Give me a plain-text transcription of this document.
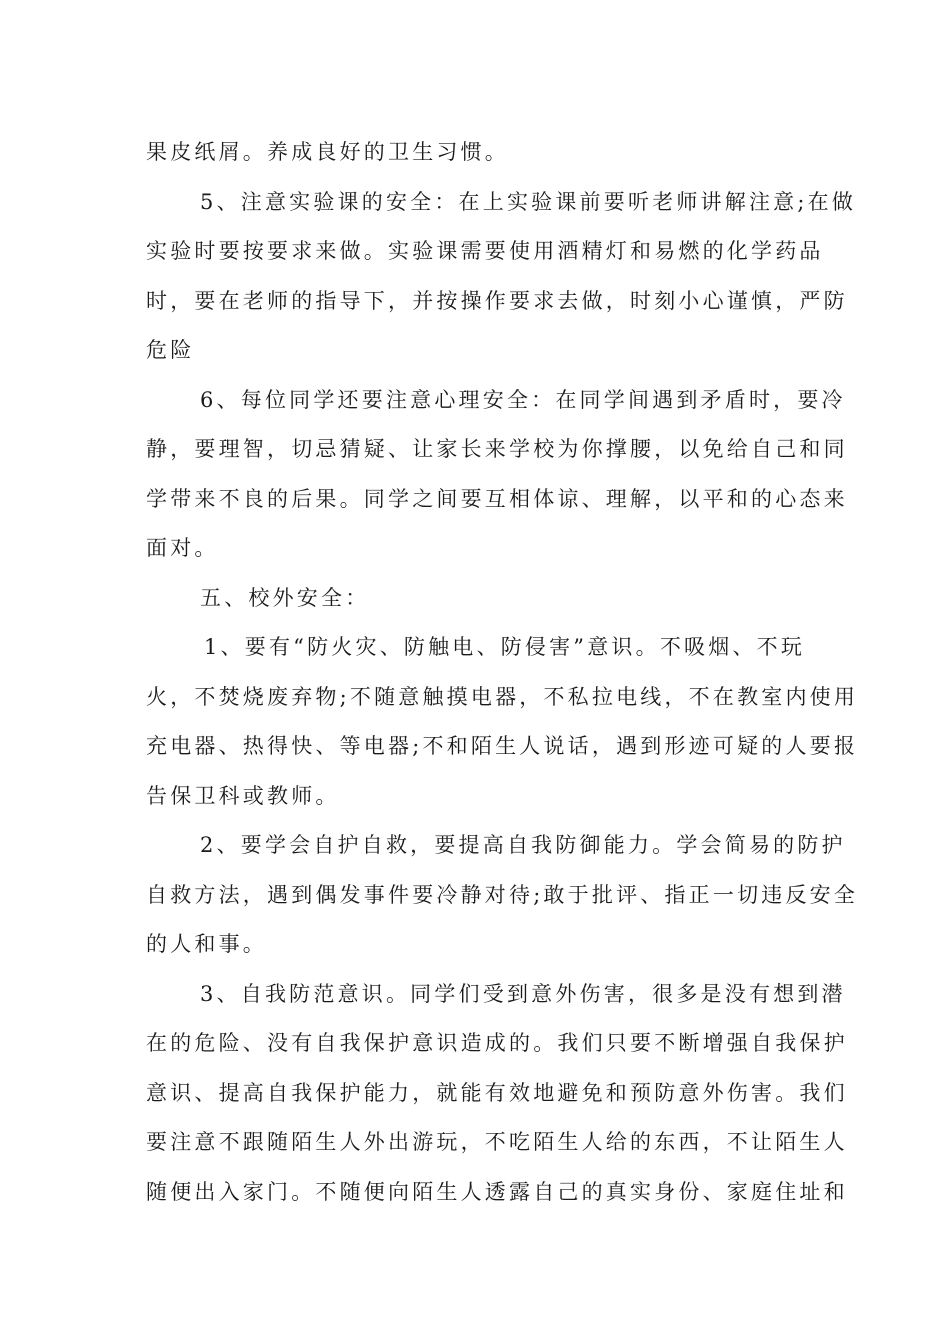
果皮纸屑。养成良好的卫生习惯。
5、注意实验课的安全：在上实验课前要听老师讲解注意;在做
实验时要按要求来做。实验课需要使用酒精灯和易燃的化学药品
时，要在老师的指导下，并按操作要求去做，时刻小心谨慎，严防
危险
6、每位同学还要注意心理安全：在同学间遇到矛盾时，要冷
静，要理智，切忌猜疑、让家长来学校为你撑腰，以免给自己和同
学带来不良的后果。同学之间要互相体谅、理解，以平和的心态来
面对。
五、校外安全：
1、要有“防火灾、防触电、防侵害”意识。不吸烟、不玩
火，不焚烧废弃物;不随意触摸电器，不私拉电线，不在教室内使用
充电器、热得快、等电器;不和陌生人说话，遇到形迹可疑的人要报
告保卫科或教师。
2、要学会自护自救，要提高自我防御能力。学会简易的防护
自救方法，遇到偶发事件要冷静对待;敢于批评、指正一切违反安全
的人和事。
3、自我防范意识。同学们受到意外伤害，很多是没有想到潜
在的危险、没有自我保护意识造成的。我们只要不断增强自我保护
意识、提高自我保护能力，就能有效地避免和预防意外伤害。我们
要注意不跟随陌生人外出游玩，不吃陌生人给的东西，不让陌生人
随便出入家门。不随便向陌生人透露自己的真实身份、家庭住址和
